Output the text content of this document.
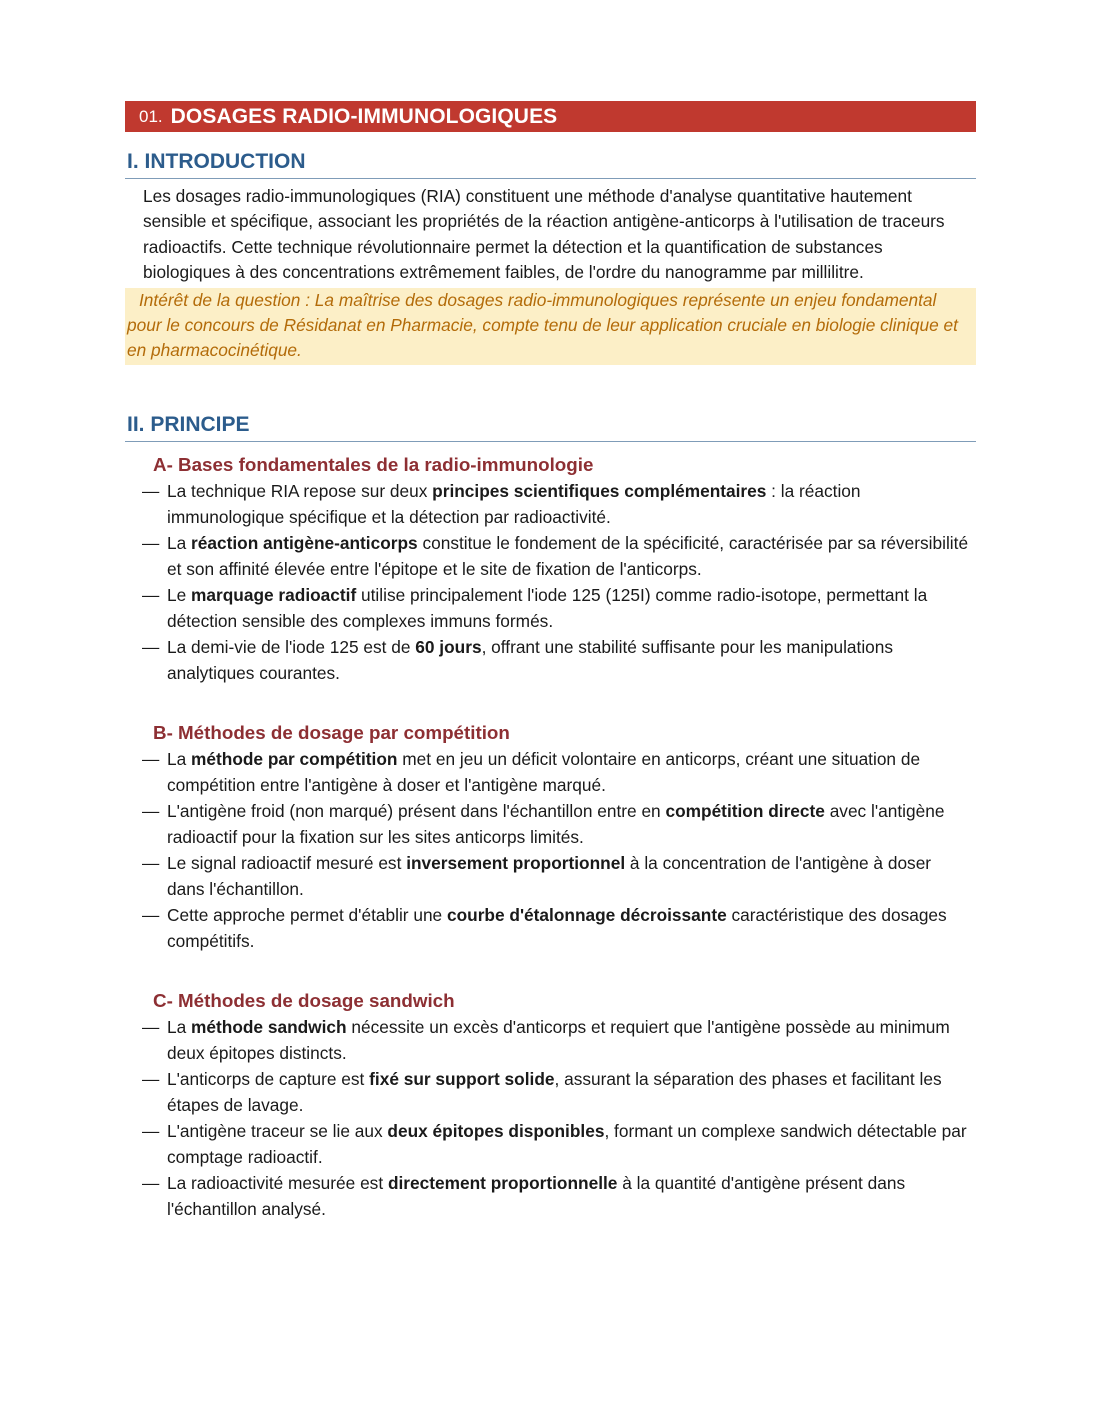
01. DOSAGES RADIO-IMMUNOLOGIQUES
I. INTRODUCTION

Les dosages radio-immunologiques (RIA) constituent une méthode d'analyse quantitative hautement sensible et spécifique, associant les propriétés de la réaction antigène-anticorps à l'utilisation de traceurs radioactifs. Cette technique révolutionnaire permet la détection et la quantification de substances biologiques à des concentrations extrêmement faibles, de l'ordre du nanogramme par millilitre.

Intérêt de la question : La maîtrise des dosages radio-immunologiques représente un enjeu fondamental pour le concours de Résidanat en Pharmacie, compte tenu de leur application cruciale en biologie clinique et en pharmacocinétique.
II. PRINCIPE
A- Bases fondamentales de la radio-immunologie
— La technique RIA repose sur deux principes scientifiques complémentaires : la réaction immunologique spécifique et la détection par radioactivité.
— La réaction antigène-anticorps constitue le fondement de la spécificité, caractérisée par sa réversibilité et son affinité élevée entre l'épitope et le site de fixation de l'anticorps.
— Le marquage radioactif utilise principalement l'iode 125 (125I) comme radio-isotope, permettant la détection sensible des complexes immuns formés.
— La demi-vie de l'iode 125 est de 60 jours, offrant une stabilité suffisante pour les manipulations analytiques courantes.
B- Méthodes de dosage par compétition
— La méthode par compétition met en jeu un déficit volontaire en anticorps, créant une situation de compétition entre l'antigène à doser et l'antigène marqué.
— L'antigène froid (non marqué) présent dans l'échantillon entre en compétition directe avec l'antigène radioactif pour la fixation sur les sites anticorps limités.
— Le signal radioactif mesuré est inversement proportionnel à la concentration de l'antigène à doser dans l'échantillon.
— Cette approche permet d'établir une courbe d'étalonnage décroissante caractéristique des dosages compétitifs.
C- Méthodes de dosage sandwich
— La méthode sandwich nécessite un excès d'anticorps et requiert que l'antigène possède au minimum deux épitopes distincts.
— L'anticorps de capture est fixé sur support solide, assurant la séparation des phases et facilitant les étapes de lavage.
— L'antigène traceur se lie aux deux épitopes disponibles, formant un complexe sandwich détectable par comptage radioactif.
— La radioactivité mesurée est directement proportionnelle à la quantité d'antigène présent dans l'échantillon analysé.
